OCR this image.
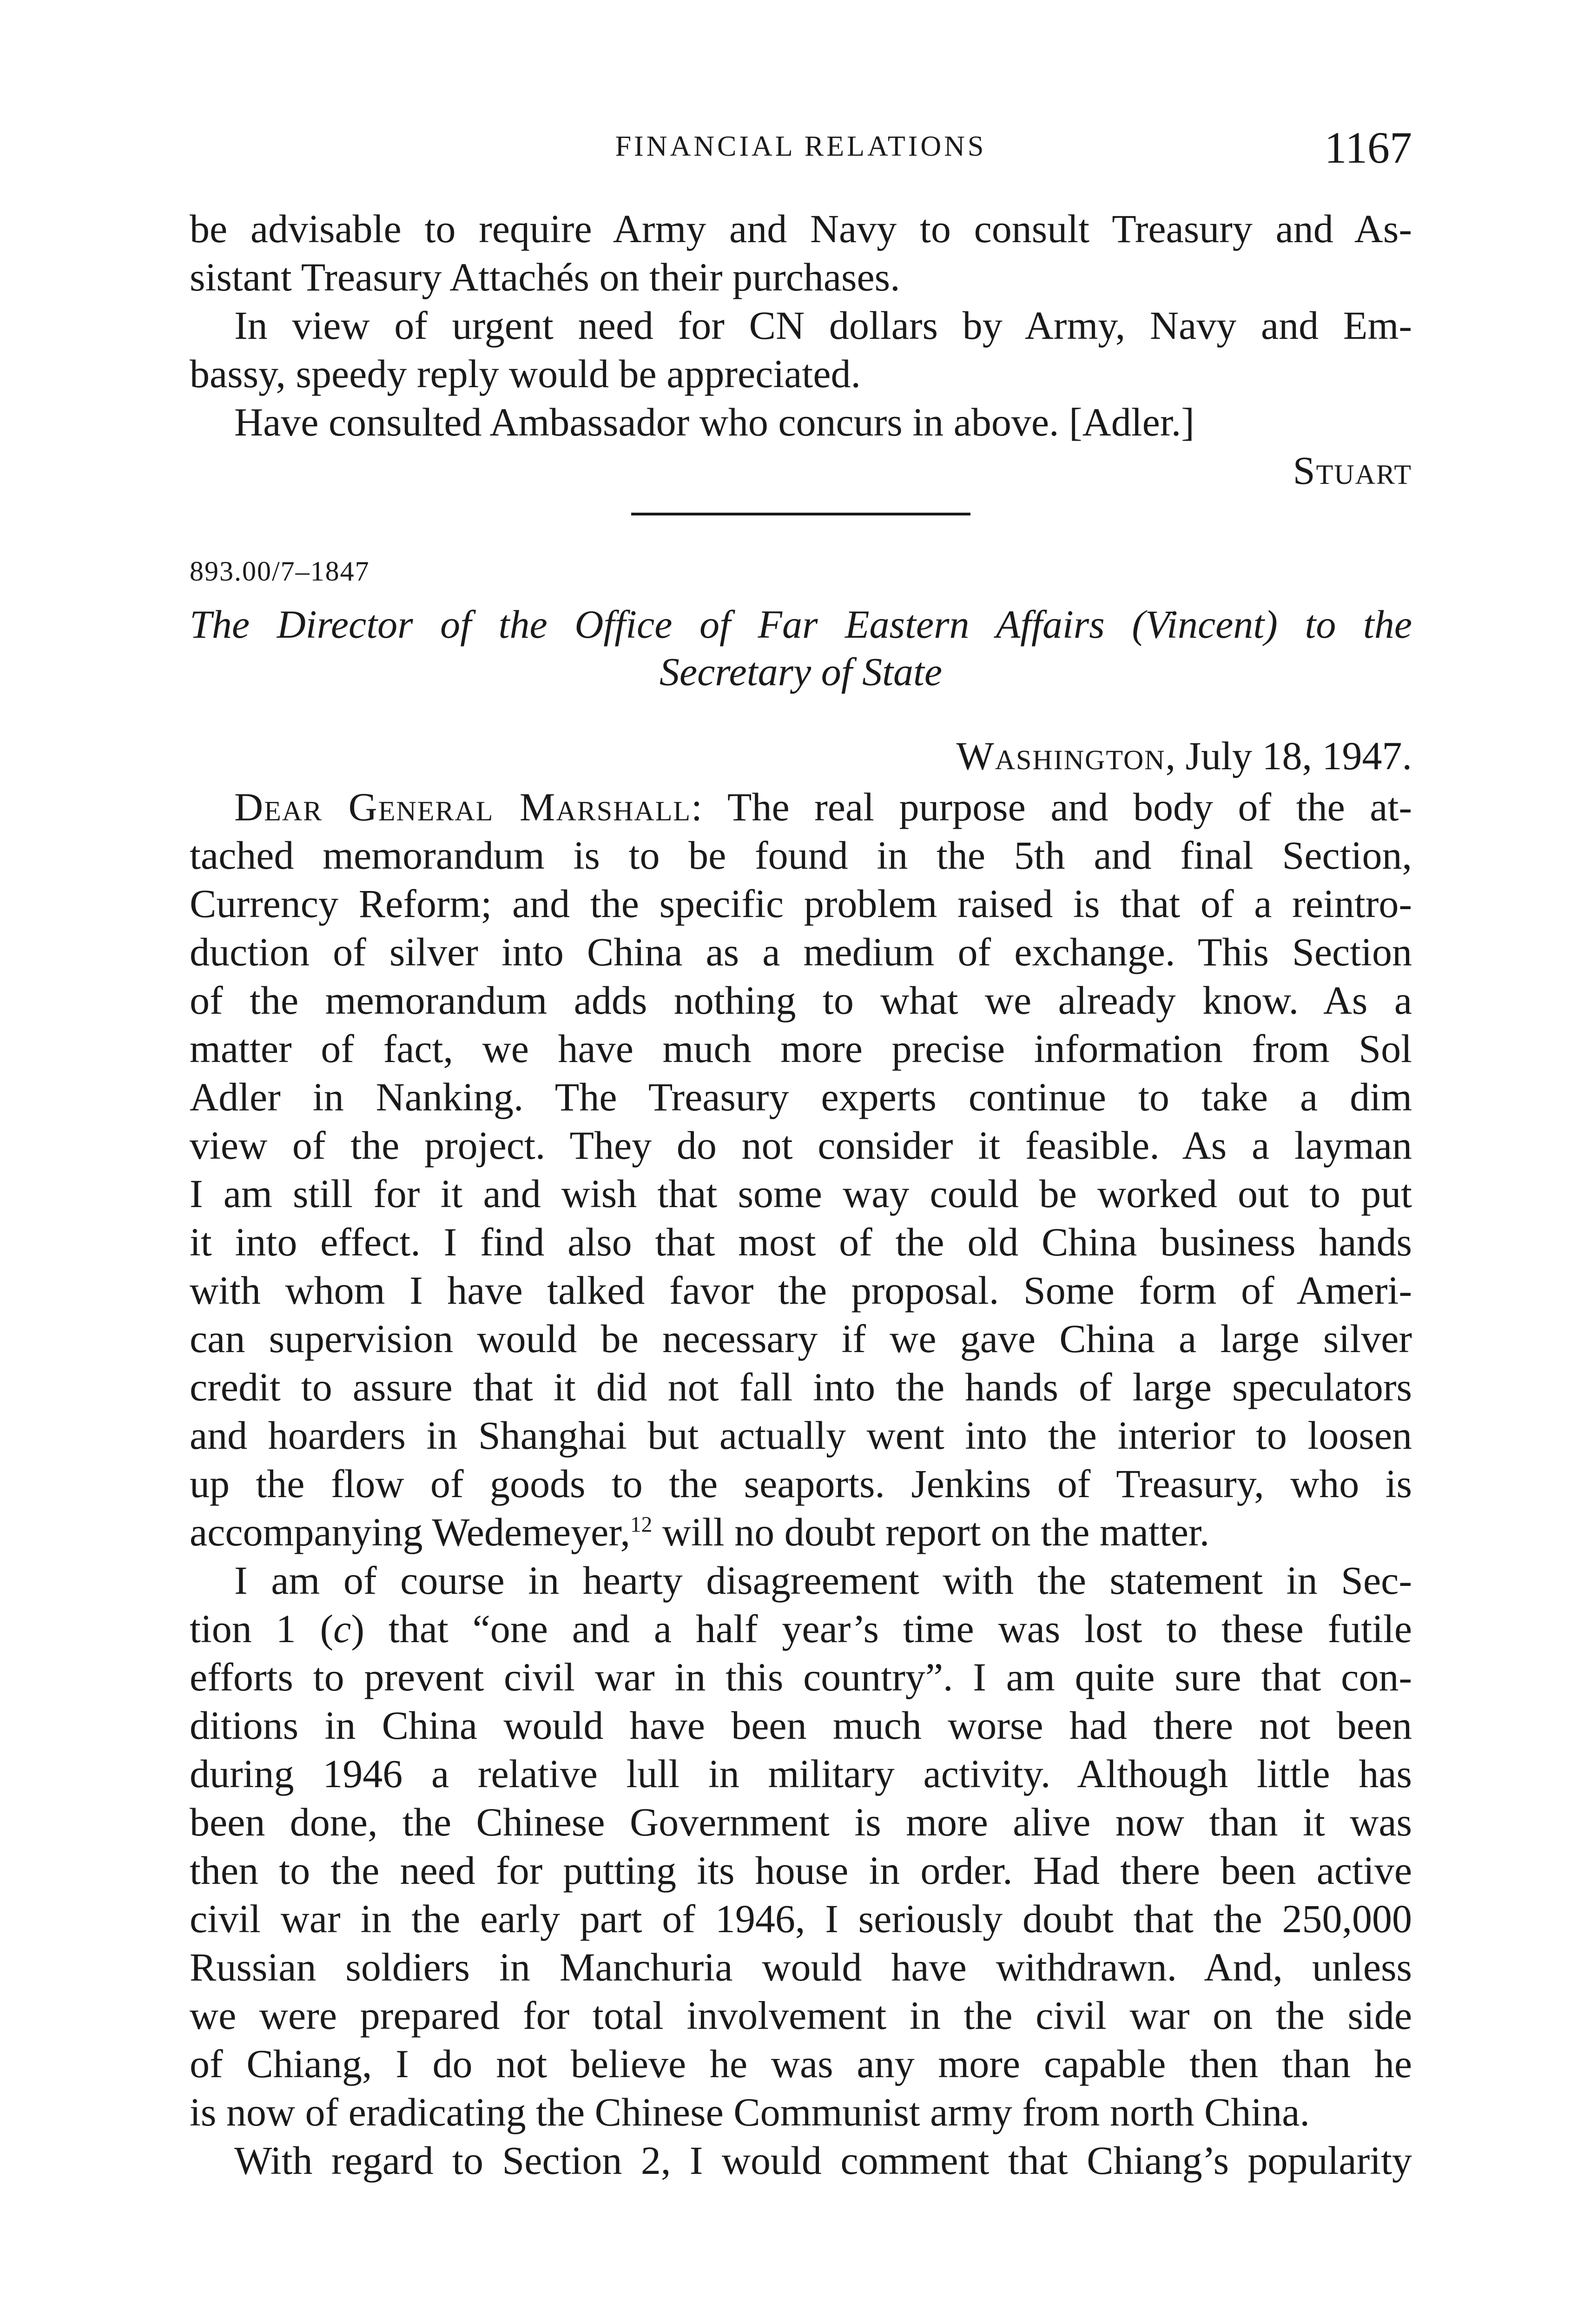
FINANCIAL RELATIONS	1167
be advisable to require Army and Navy to consult Treasury and As-
sistant Treasury Attachés on their purchases.
In view of urgent need for CN dollars by Army, Navy and Em-
bassy, speedy reply would be appreciated.
Have consulted Ambassador who concurs in above. [Adler.]
Stuart
893.00/7–1847
The Director of the Office of Far Eastern Affairs (Vincent) to the
Secretary of State
Washington, July 18, 1947.
Dear General Marshall: The real purpose and body of the at-
tached memorandum is to be found in the 5th and final Section,
Currency Reform; and the specific problem raised is that of a reintro-
duction of silver into China as a medium of exchange. This Section
of the memorandum adds nothing to what we already know. As a
matter of fact, we have much more precise information from Sol
Adler in Nanking. The Treasury experts continue to take a dim
view of the project. They do not consider it feasible. As a layman
I am still for it and wish that some way could be worked out to put
it into effect. I find also that most of the old China business hands
with whom I have talked favor the proposal. Some form of Ameri-
can supervision would be necessary if we gave China a large silver
credit to assure that it did not fall into the hands of large speculators
and hoarders in Shanghai but actually went into the interior to loosen
up the flow of goods to the seaports. Jenkins of Treasury, who is
accompanying Wedemeyer,$^{12}$ will no doubt report on the matter.
I am of course in hearty disagreement with the statement in Sec-
tion 1 (c) that “one and a half year’s time was lost to these futile
efforts to prevent civil war in this country”. I am quite sure that con-
ditions in China would have been much worse had there not been
during 1946 a relative lull in military activity. Although little has
been done, the Chinese Government is more alive now than it was
then to the need for putting its house in order. Had there been active
civil war in the early part of 1946, I seriously doubt that the 250,000
Russian soldiers in Manchuria would have withdrawn. And, unless
we were prepared for total involvement in the civil war on the side
of Chiang, I do not believe he was any more capable then than he
is now of eradicating the Chinese Communist army from north China.
With regard to Section 2, I would comment that Chiang’s popularity
